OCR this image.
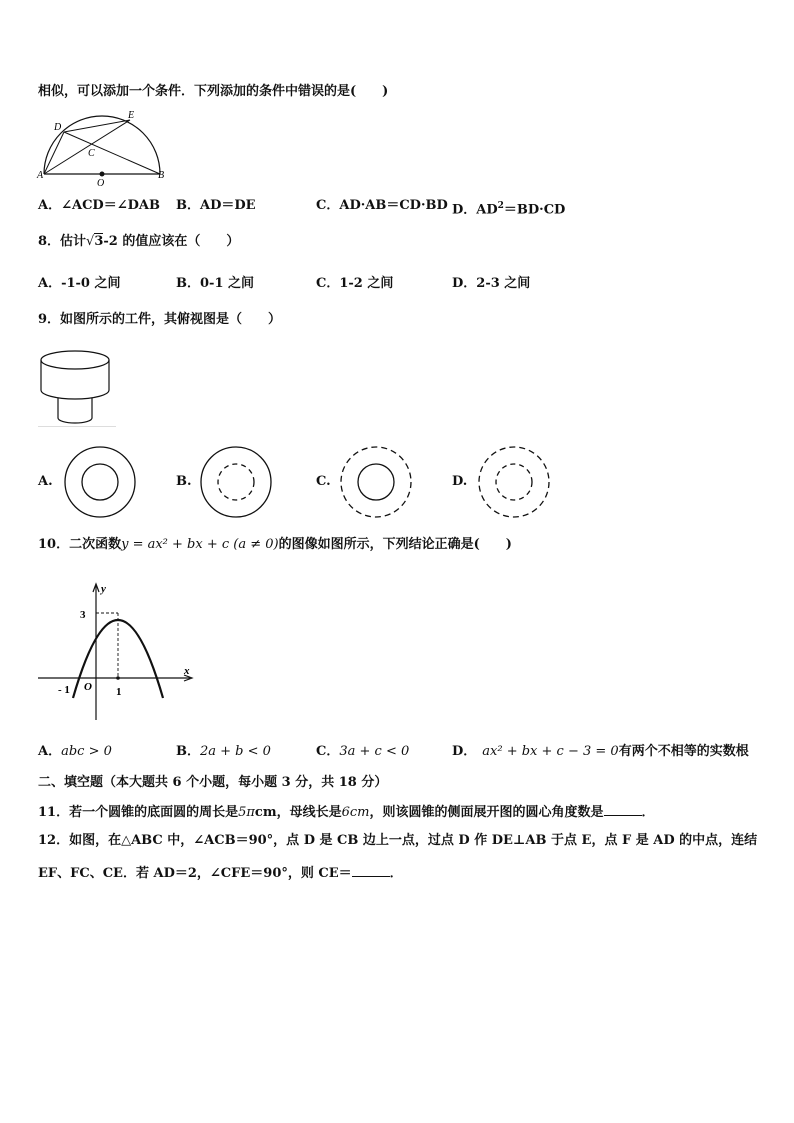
相似，可以添加一个条件．下列添加的条件中错误的是(　　)
D
E
C
A
O
B
A．∠ACD＝∠DAB B．AD＝DE	C．AD·AB＝CD·BD D．$AD^2=BD\cdot CD$
8．估计√3-2 的值应该在（　　）
A．-1-0 之间	B．0-1 之间	C．1-2 之间	D．2-3 之间
9．如图所示的工件，其俯视图是（　　）
A.	B.	C.	D.
10．二次函数y = ax² + bx + c (a ≠ 0)的图像如图所示，下列结论正确是(　　)
y
x
3
- 1 O 1
A．abc > 0	B．2a + b < 0	C．3a + c < 0	D． ax² + bx + c − 3 = 0有两个不相等的实数根
二、填空题（本大题共 6 个小题，每小题 3 分，共 18 分）
11．若一个圆锥的底面圆的周长是5πcm，母线长是6cm，则该圆锥的侧面展开图的圆心角度数是	．
12．如图，在△ABC 中，∠ACB＝90°，点 D 是 CB 边上一点，过点 D 作 DE⊥AB 于点 E，点 F 是 AD 的中点，连结
EF、FC、CE．若 AD＝2，∠CFE＝90°，则 CE＝	．
